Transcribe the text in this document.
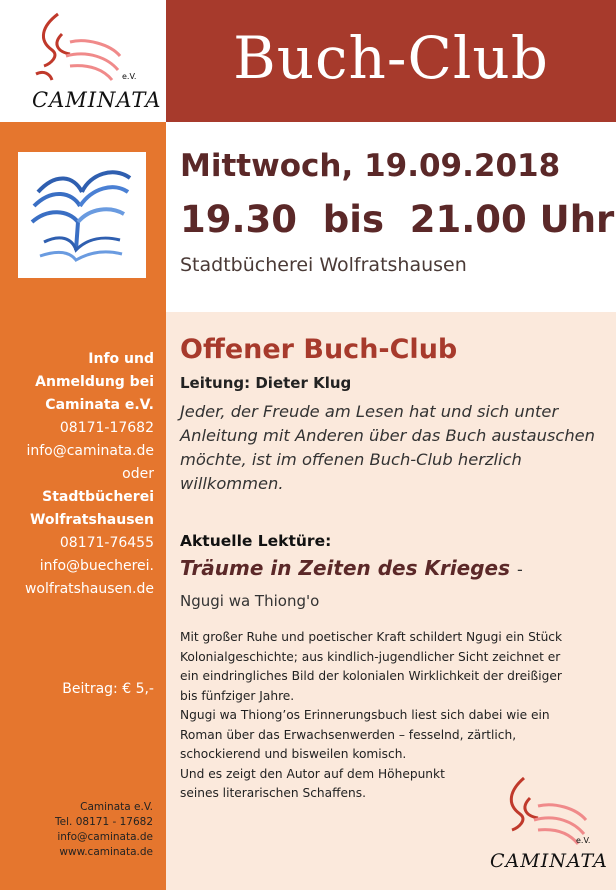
CAMINATA
e.V.	Buch-Club
Info und
Anmeldung bei
Caminata e.V.
08171-17682
info@caminata.de
oder
Stadtbücherei
Wolfratshausen
08171-76455
info@buecherei.
wolfratshausen.de
Beitrag: € 5,-
Caminata e.V.
Tel. 08171 - 17682
info@caminata.de
www.caminata.de
Mittwoch, 19.09.2018
19.30  bis  21.00 Uhr
Stadtbücherei Wolfratshausen
Offener Buch-Club
Leitung: Dieter Klug
Jeder, der Freude am Lesen hat und sich unter Anleitung mit Anderen über das Buch austauschen möchte, ist im offenen Buch-Club herzlich willkommen.
Aktuelle Lektüre:
Träume in Zeiten des Krieges -
Ngugi wa Thiong'o

Mit großer Ruhe und poetischer Kraft schildert Ngugi ein Stück

Kolonialgeschichte; aus kindlich-jugendlicher Sicht zeichnet er

ein eindringliches Bild der kolonialen Wirklichkeit der dreißiger

bis fünfziger Jahre.

Ngugi wa Thiong’os Erinnerungsbuch liest sich dabei wie ein

Roman über das Erwachsenwerden – fesselnd, zärtlich,

schockierend und bisweilen komisch.

Und es zeigt den Autor auf dem Höhepunkt

seines literarischen Schaffens.

CAMINATA
e.V.
